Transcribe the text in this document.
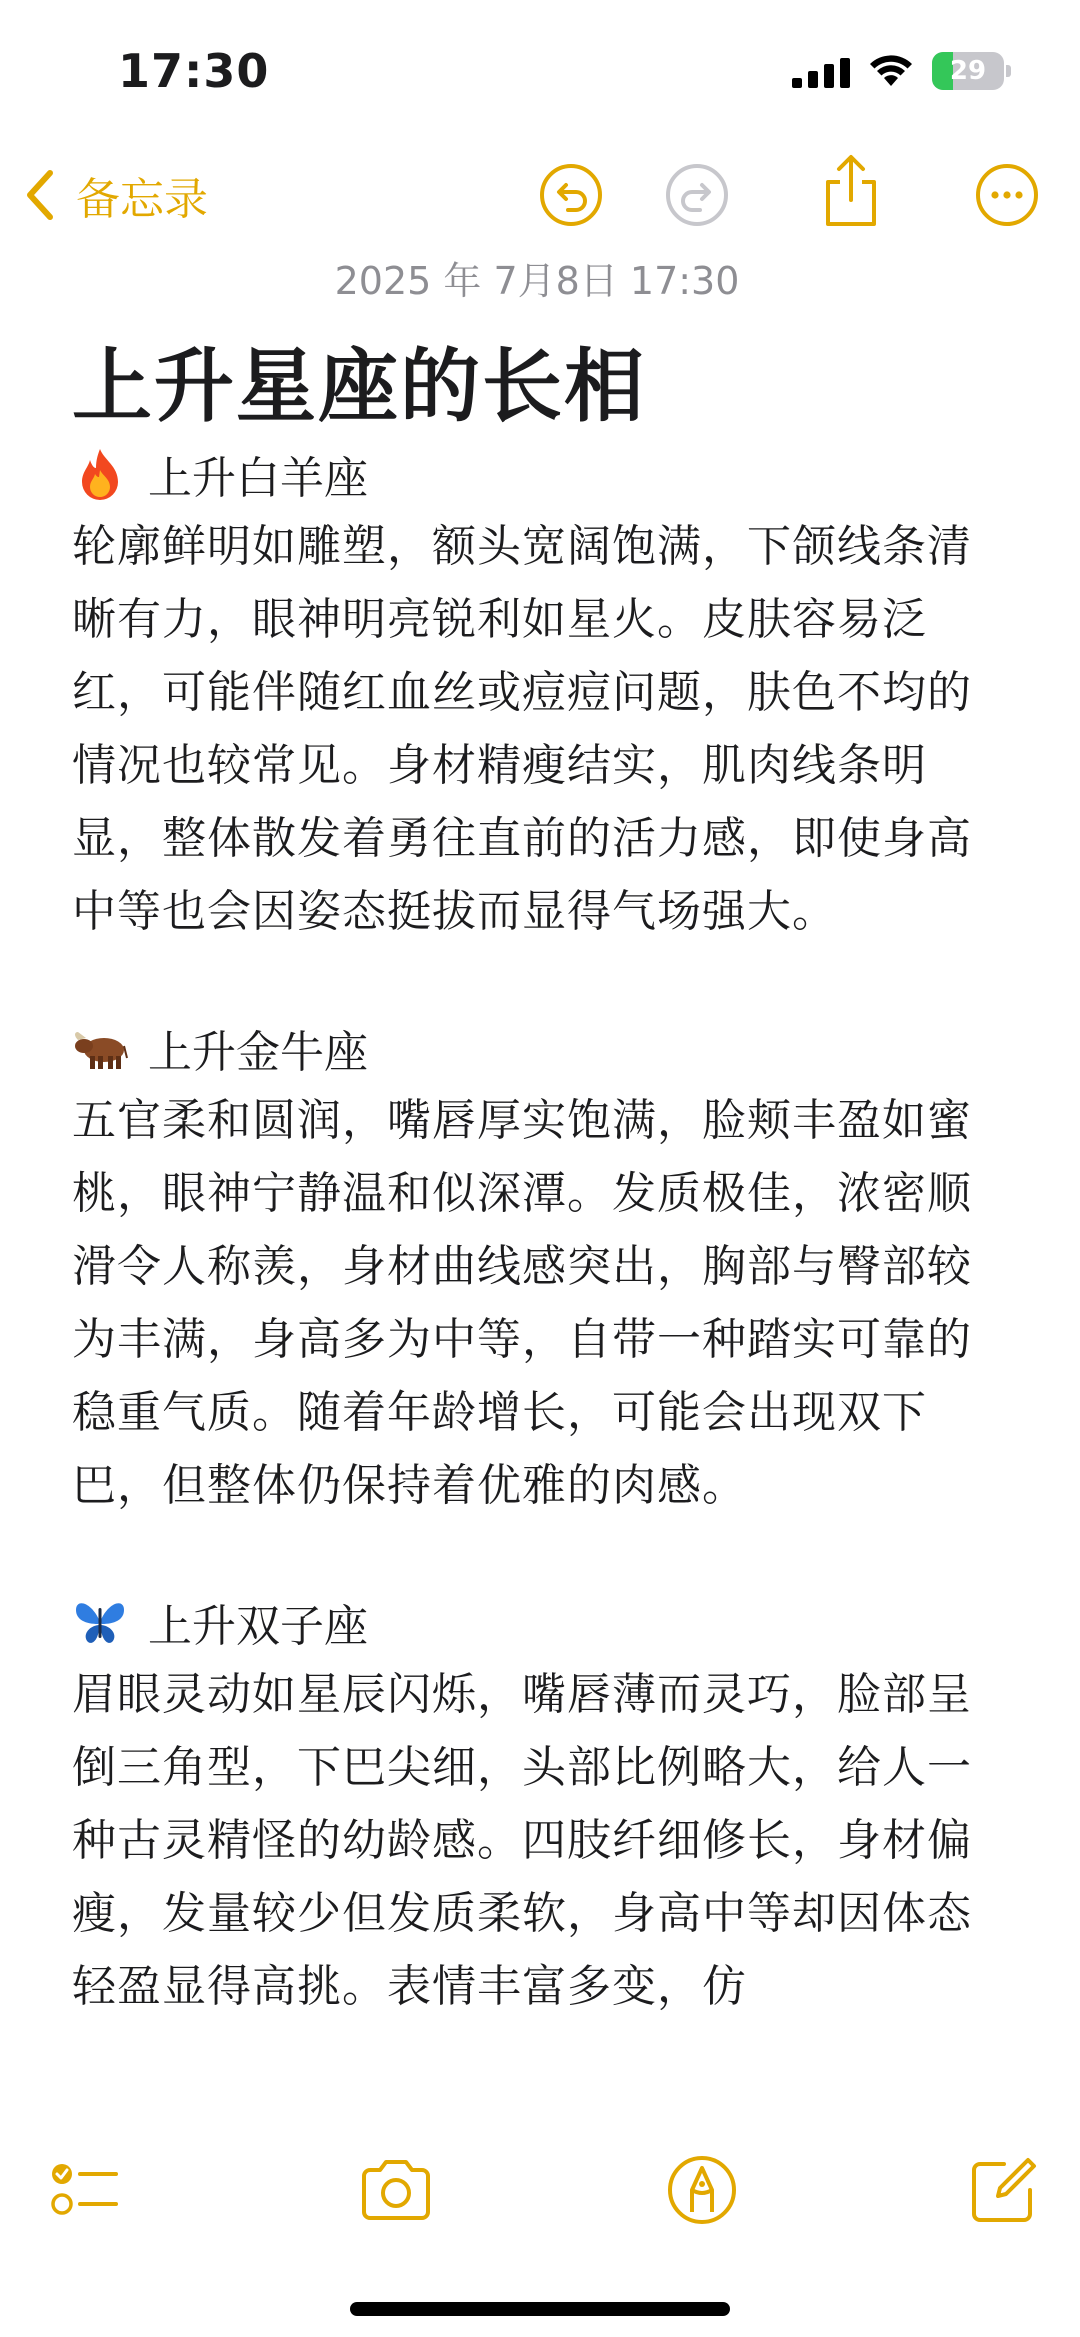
17:30	29
备忘录
2025 年 7月8日 17:30
上升星座的长相
上升白羊座
轮廓鲜明如雕塑，额头宽阔饱满，下颌线条清晰有力，眼神明亮锐利如星火。皮肤容易泛红，可能伴随红血丝或痘痘问题，肤色不均的情况也较常见。身材精瘦结实，肌肉线条明显，整体散发着勇往直前的活力感，即使身高中等也会因姿态挺拔而显得气场强大。
上升金牛座
五官柔和圆润，嘴唇厚实饱满，脸颊丰盈如蜜桃，眼神宁静温和似深潭。发质极佳，浓密顺滑令人称羡，身材曲线感突出，胸部与臀部较为丰满，身高多为中等，自带一种踏实可靠的稳重气质。随着年龄增长，可能会出现双下巴，但整体仍保持着优雅的肉感。
上升双子座
眉眼灵动如星辰闪烁，嘴唇薄而灵巧，脸部呈倒三角型，下巴尖细，头部比例略大，给人一种古灵精怪的幼龄感。四肢纤细修长，身材偏瘦，发量较少但发质柔软，身高中等却因体态轻盈显得高挑。表情丰富多变，仿
